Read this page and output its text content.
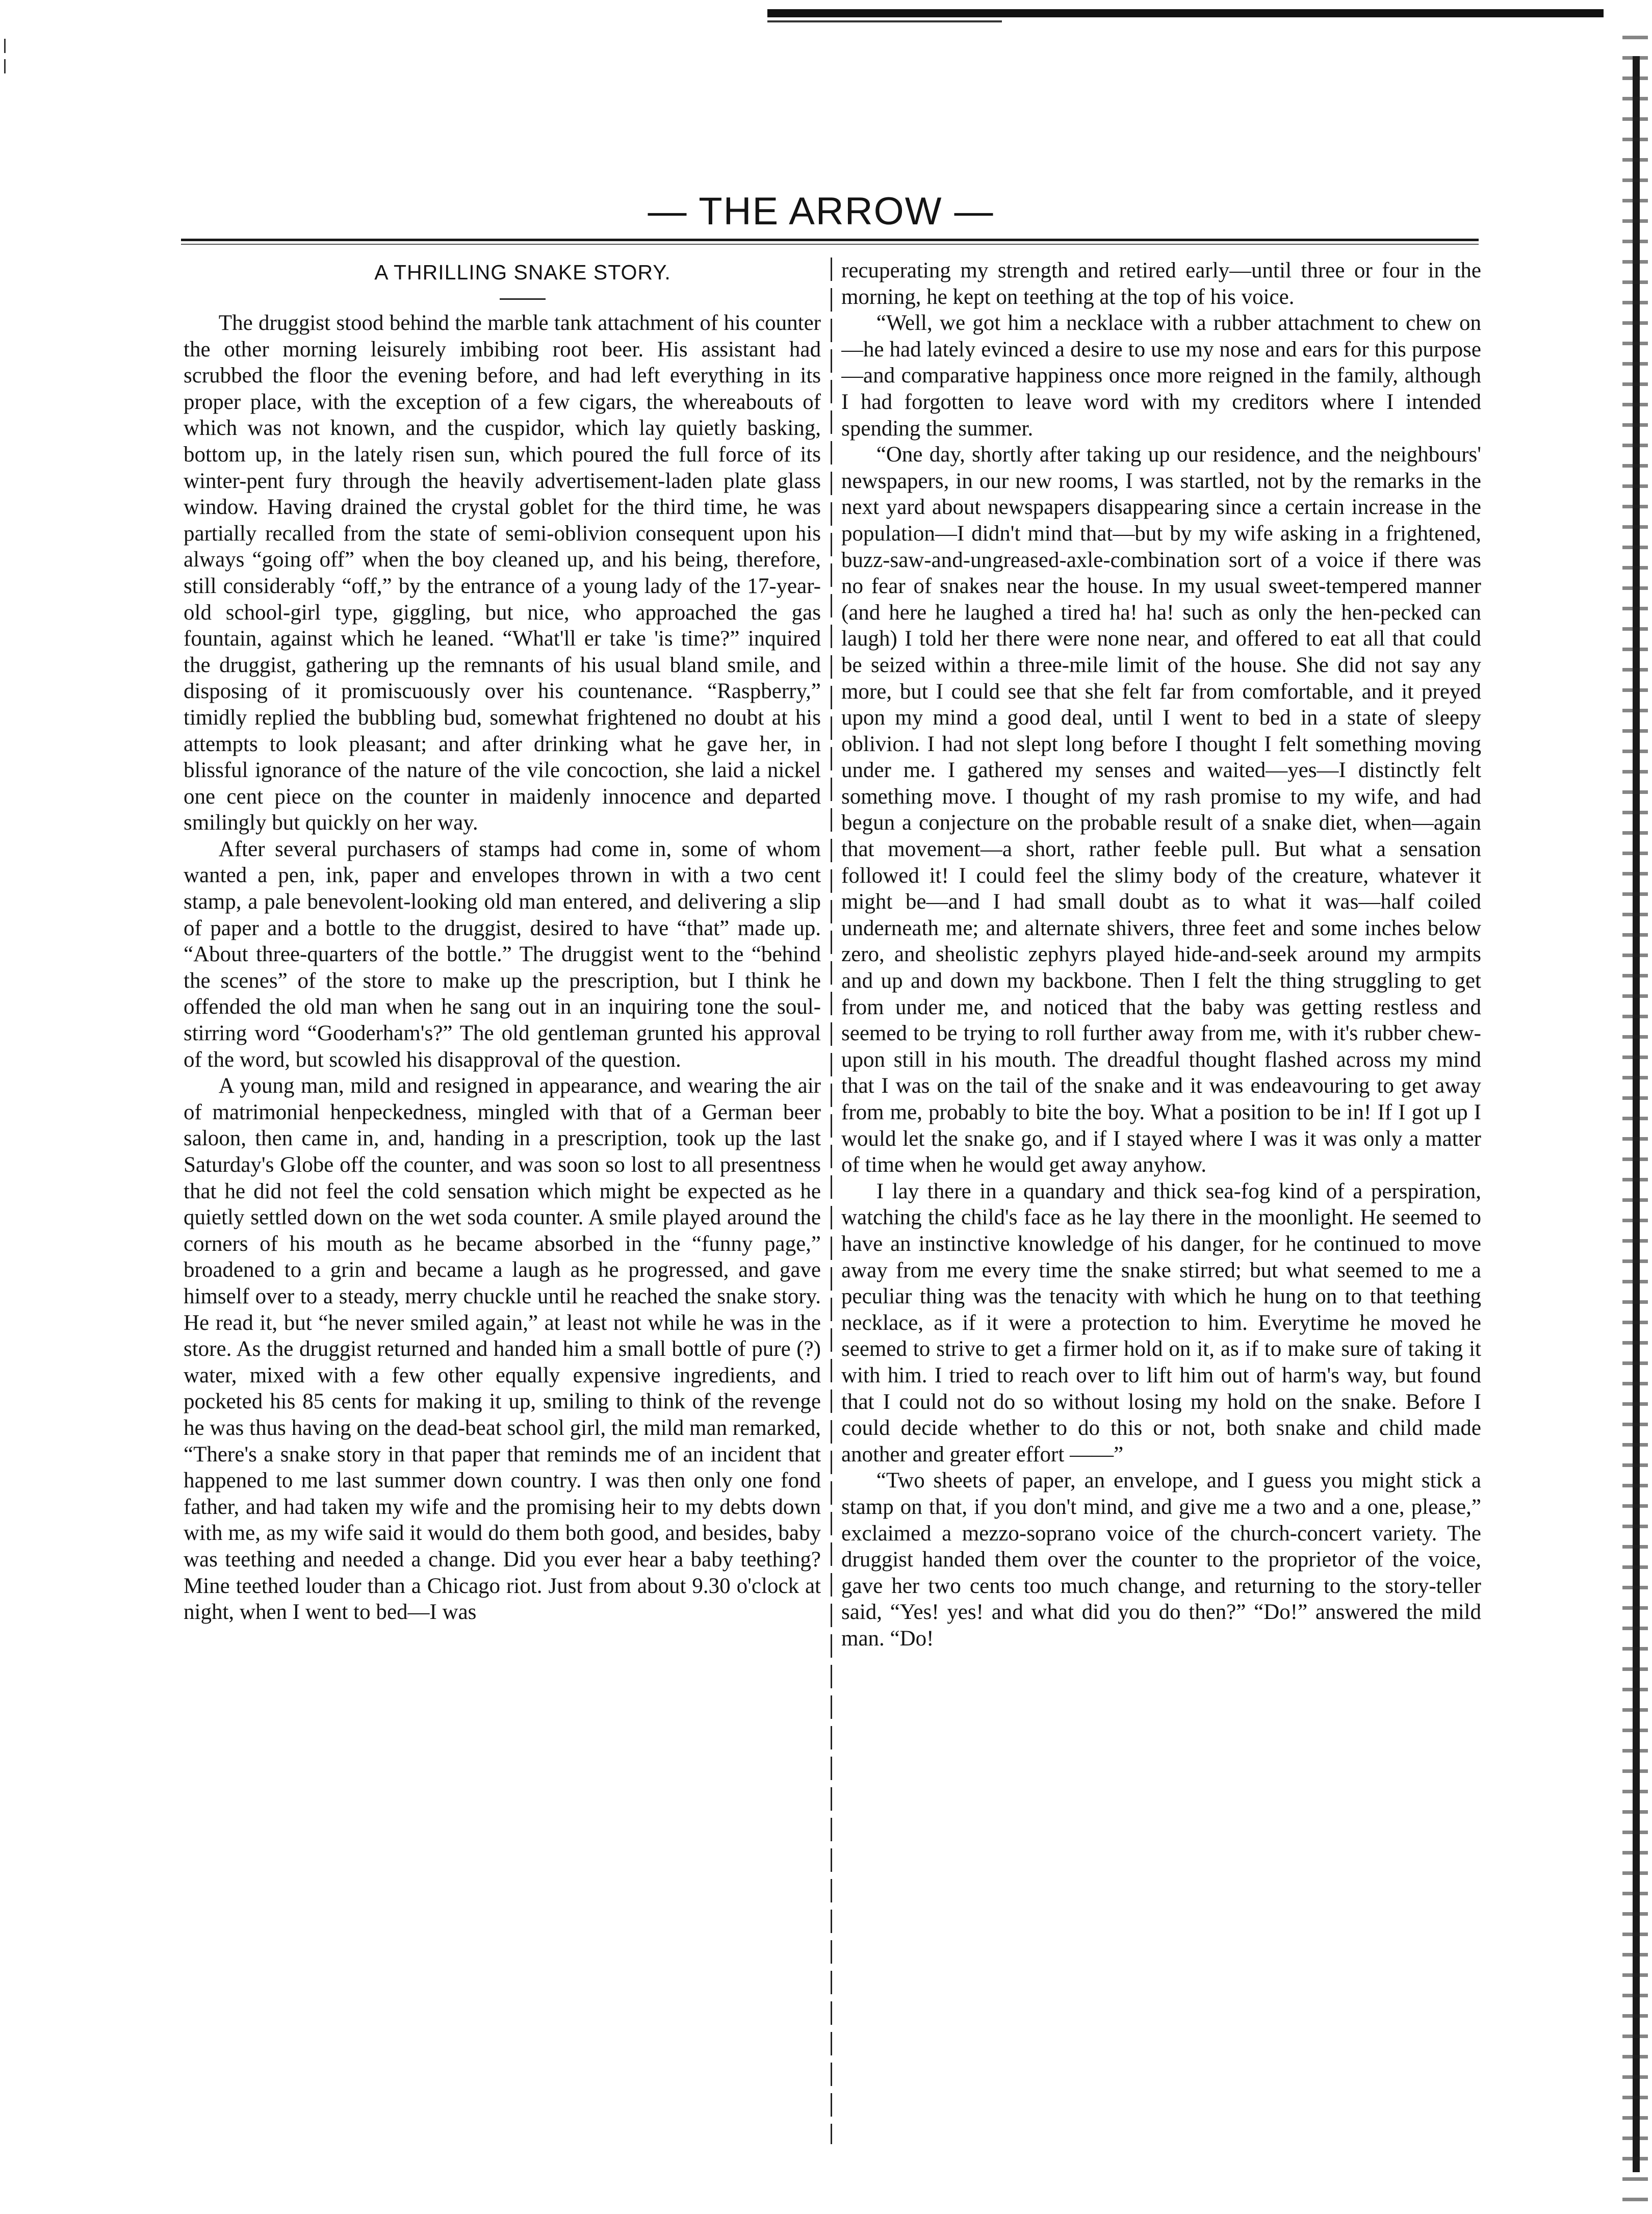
— THE ARROW —
A THRILLING SNAKE STORY.

The druggist stood behind the marble tank attachment of his counter the other morning leisurely imbibing root beer. His assistant had scrubbed the floor the evening before, and had left everything in its proper place, with the exception of a few cigars, the whereabouts of which was not known, and the cuspidor, which lay quietly basking, bottom up, in the lately risen sun, which poured the full force of its winter-pent fury through the heavily advertisement-laden plate glass window. Having drained the crystal goblet for the third time, he was partially recalled from the state of semi-oblivion consequent upon his always “going off” when the boy cleaned up, and his being, therefore, still considerably “off,” by the entrance of a young lady of the 17-year-old school-girl type, giggling, but nice, who approached the gas fountain, against which he leaned. “What'll er take 'is time?” inquired the druggist, gathering up the remnants of his usual bland smile, and disposing of it promiscuously over his countenance. “Raspberry,” timidly replied the bubbling bud, somewhat frightened no doubt at his attempts to look pleasant; and after drinking what he gave her, in blissful ignorance of the nature of the vile concoction, she laid a nickel one cent piece on the counter in maidenly innocence and departed smilingly but quickly on her way.

After several purchasers of stamps had come in, some of whom wanted a pen, ink, paper and envelopes thrown in with a two cent stamp, a pale benevolent-looking old man entered, and delivering a slip of paper and a bottle to the druggist, desired to have “that” made up. “About three-quarters of the bottle.” The druggist went to the “behind the scenes” of the store to make up the prescription, but I think he offended the old man when he sang out in an inquiring tone the soul-stirring word “Gooderham's?” The old gentleman grunted his approval of the word, but scowled his disapproval of the question.

A young man, mild and resigned in appearance, and wearing the air of matrimonial henpeckedness, mingled with that of a German beer saloon, then came in, and, handing in a prescription, took up the last Saturday's Globe off the counter, and was soon so lost to all presentness that he did not feel the cold sensation which might be expected as he quietly settled down on the wet soda counter. A smile played around the corners of his mouth as he became absorbed in the “funny page,” broadened to a grin and became a laugh as he progressed, and gave himself over to a steady, merry chuckle until he reached the snake story. He read it, but “he never smiled again,” at least not while he was in the store. As the druggist returned and handed him a small bottle of pure (?) water, mixed with a few other equally expensive ingredients, and pocketed his 85 cents for making it up, smiling to think of the revenge he was thus having on the dead-beat school girl, the mild man remarked, “There's a snake story in that paper that reminds me of an incident that happened to me last summer down country. I was then only one fond father, and had taken my wife and the promising heir to my debts down with me, as my wife said it would do them both good, and besides, baby was teething and needed a change. Did you ever hear a baby teething? Mine teethed louder than a Chicago riot. Just from about 9.30 o'clock at night, when I went to bed—I was

recuperating my strength and retired early—until three or four in the morning, he kept on teething at the top of his voice.

“Well, we got him a necklace with a rubber attachment to chew on—he had lately evinced a desire to use my nose and ears for this purpose—and comparative happiness once more reigned in the family, although I had forgotten to leave word with my creditors where I intended spending the summer.

“One day, shortly after taking up our residence, and the neighbours' newspapers, in our new rooms, I was startled, not by the remarks in the next yard about newspapers disappearing since a certain increase in the population—I didn't mind that—but by my wife asking in a frightened, buzz-saw-and-ungreased-axle-combination sort of a voice if there was no fear of snakes near the house. In my usual sweet-tempered manner (and here he laughed a tired ha! ha! such as only the hen-pecked can laugh) I told her there were none near, and offered to eat all that could be seized within a three-mile limit of the house. She did not say any more, but I could see that she felt far from comfortable, and it preyed upon my mind a good deal, until I went to bed in a state of sleepy oblivion. I had not slept long before I thought I felt something moving under me. I gathered my senses and waited—yes—I distinctly felt something move. I thought of my rash promise to my wife, and had begun a conjecture on the probable result of a snake diet, when—again that movement—a short, rather feeble pull. But what a sensation followed it! I could feel the slimy body of the creature, whatever it might be—and I had small doubt as to what it was—half coiled underneath me; and alternate shivers, three feet and some inches below zero, and sheolistic zephyrs played hide-and-seek around my armpits and up and down my backbone. Then I felt the thing struggling to get from under me, and noticed that the baby was getting restless and seemed to be trying to roll further away from me, with it's rubber chew-upon still in his mouth. The dreadful thought flashed across my mind that I was on the tail of the snake and it was endeavouring to get away from me, probably to bite the boy. What a position to be in! If I got up I would let the snake go, and if I stayed where I was it was only a matter of time when he would get away anyhow.

I lay there in a quandary and thick sea-fog kind of a perspiration, watching the child's face as he lay there in the moonlight. He seemed to have an instinctive knowledge of his danger, for he continued to move away from me every time the snake stirred; but what seemed to me a peculiar thing was the tenacity with which he hung on to that teething necklace, as if it were a protection to him. Everytime he moved he seemed to strive to get a firmer hold on it, as if to make sure of taking it with him. I tried to reach over to lift him out of harm's way, but found that I could not do so without losing my hold on the snake. Before I could decide whether to do this or not, both snake and child made another and greater effort ——”

“Two sheets of paper, an envelope, and I guess you might stick a stamp on that, if you don't mind, and give me a two and a one, please,” exclaimed a mezzo-soprano voice of the church-concert variety. The druggist handed them over the counter to the proprietor of the voice, gave her two cents too much change, and returning to the story-teller said, “Yes! yes! and what did you do then?” “Do!” answered the mild man. “Do!
